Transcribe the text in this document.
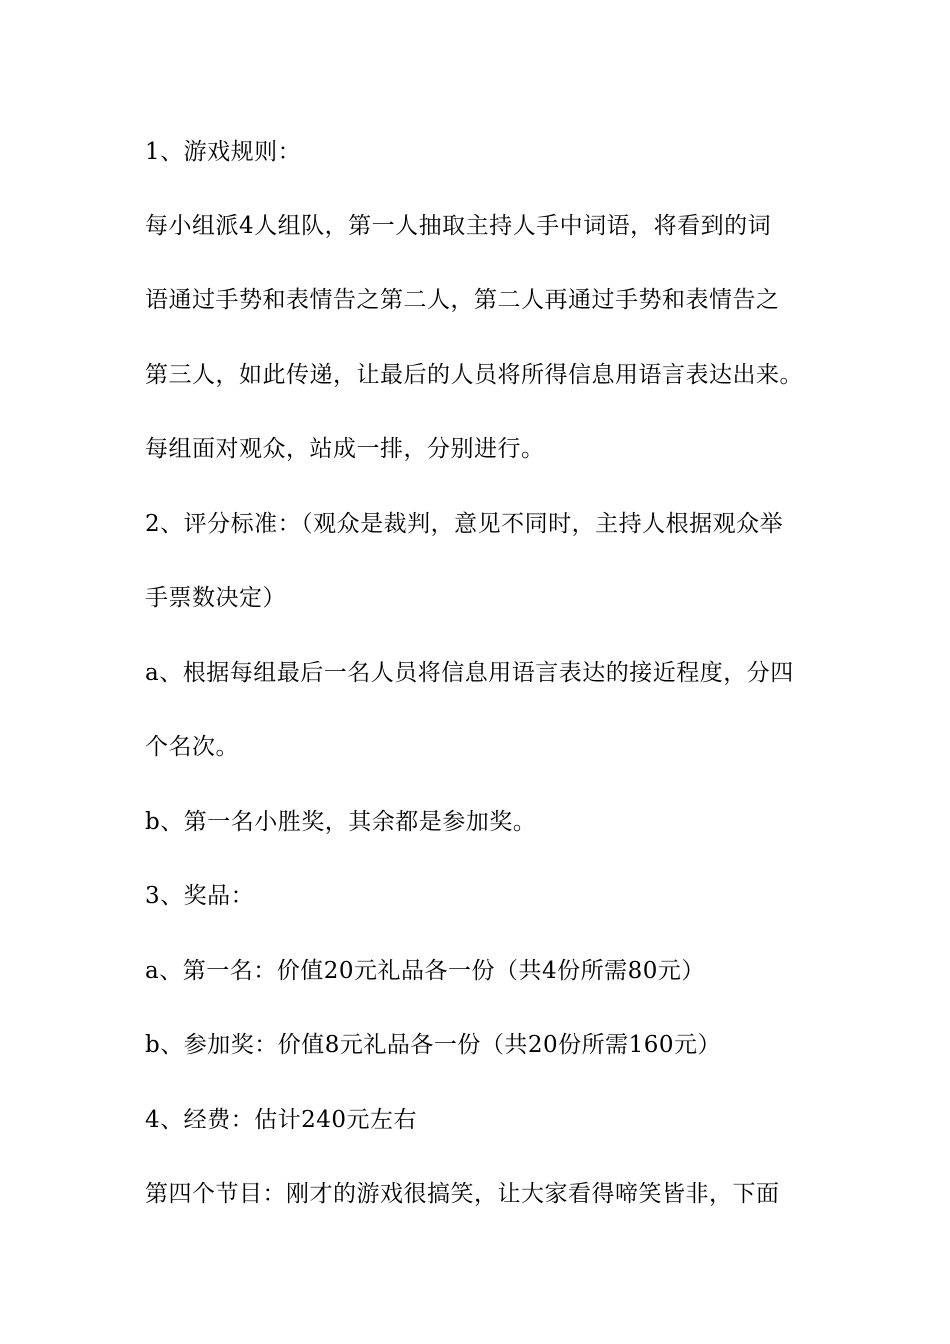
1、游戏规则：
每小组派4人组队，第一人抽取主持人手中词语，将看到的词
语通过手势和表情告之第二人，第二人再通过手势和表情告之
第三人，如此传递，让最后的人员将所得信息用语言表达出来。
每组面对观众，站成一排，分别进行。
2、评分标准：（观众是裁判，意见不同时，主持人根据观众举
手票数决定）
a、根据每组最后一名人员将信息用语言表达的接近程度，分四
个名次。
b、第一名小胜奖，其余都是参加奖。
3、奖品：
a、第一名：价值20元礼品各一份（共4份所需80元）
b、参加奖：价值8元礼品各一份（共20份所需160元）
4、经费：估计240元左右
第四个节目：刚才的游戏很搞笑，让大家看得啼笑皆非，下面
